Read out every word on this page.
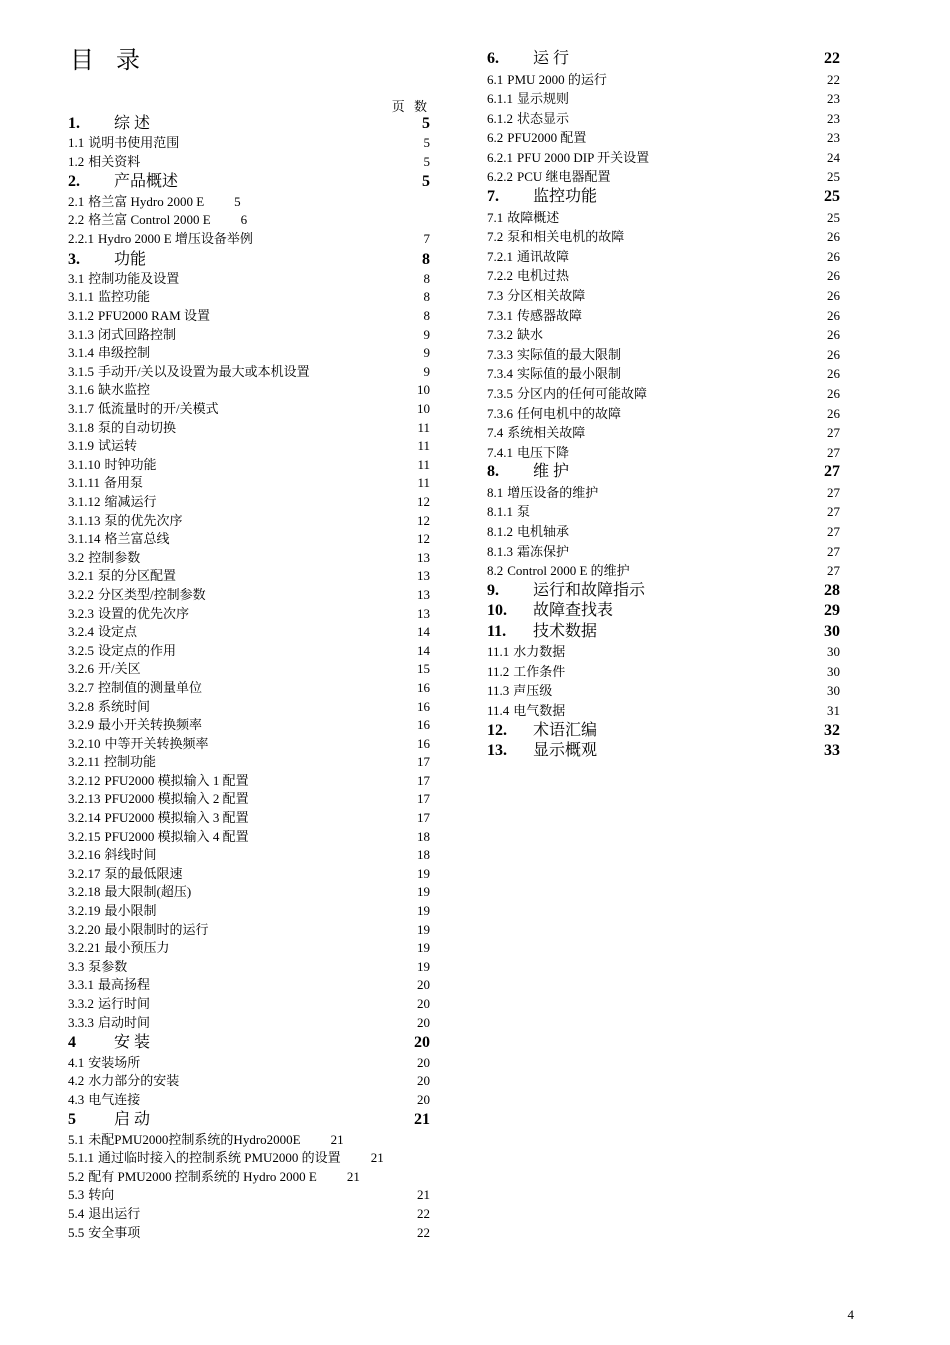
目 录
页 数
1. 综 述	5
1.1 说明书使用范围	5
1.2 相关资料	5
2. 产品概述	5
2.1 格兰富 Hydro 2000 E 5
2.2 格兰富 Control 2000 E 6
2.2.1 Hydro 2000 E 增压设备举例	7
3. 功能	8
3.1 控制功能及设置	8
3.1.1 监控功能	8
3.1.2 PFU2000 RAM 设置	8
3.1.3 闭式回路控制	9
3.1.4 串级控制	9
3.1.5 手动开/关以及设置为最大或本机设置	9
3.1.6 缺水监控	10
3.1.7 低流量时的开/关模式	10
3.1.8 泵的自动切换	11
3.1.9 试运转	11
3.1.10 时钟功能	11
3.1.11 备用泵	11
3.1.12 缩减运行	12
3.1.13 泵的优先次序	12
3.1.14 格兰富总线	12
3.2 控制参数	13
3.2.1 泵的分区配置	13
3.2.2 分区类型/控制参数	13
3.2.3 设置的优先次序	13
3.2.4 设定点	14
3.2.5 设定点的作用	14
3.2.6 开/关区	15
3.2.7 控制值的测量单位	16
3.2.8 系统时间	16
3.2.9 最小开关转换频率	16
3.2.10 中等开关转换频率	16
3.2.11 控制功能	17
3.2.12 PFU2000 模拟输入 1 配置	17
3.2.13 PFU2000 模拟输入 2 配置	17
3.2.14 PFU2000 模拟输入 3 配置	17
3.2.15 PFU2000 模拟输入 4 配置	18
3.2.16 斜线时间	18
3.2.17 泵的最低限速	19
3.2.18 最大限制(超压)	19
3.2.19 最小限制	19
3.2.20 最小限制时的运行	19
3.2.21 最小预压力	19
3.3 泵参数	19
3.3.1 最高扬程	20
3.3.2 运行时间	20
3.3.3 启动时间	20
4 安 装	20
4.1 安装场所	20
4.2 水力部分的安装	20
4.3 电气连接	20
5 启 动	21
5.1 未配PMU2000控制系统的Hydro2000E 21
5.1.1 通过临时接入的控制系统 PMU2000 的设置 21
5.2 配有 PMU2000 控制系统的 Hydro 2000 E 21
5.3 转向	21
5.4 退出运行	22
5.5 安全事项	22
6. 运 行	22
6.1 PMU 2000 的运行	22
6.1.1 显示规则	23
6.1.2 状态显示	23
6.2 PFU2000 配置	23
6.2.1 PFU 2000 DIP 开关设置	24
6.2.2 PCU 继电器配置	25
7. 监控功能	25
7.1 故障概述	25
7.2 泵和相关电机的故障	26
7.2.1 通讯故障	26
7.2.2 电机过热	26
7.3 分区相关故障	26
7.3.1 传感器故障	26
7.3.2 缺水	26
7.3.3 实际值的最大限制	26
7.3.4 实际值的最小限制	26
7.3.5 分区内的任何可能故障	26
7.3.6 任何电机中的故障	26
7.4 系统相关故障	27
7.4.1 电压下降	27
8. 维 护	27
8.1 增压设备的维护	27
8.1.1 泵	27
8.1.2 电机轴承	27
8.1.3 霜冻保护	27
8.2 Control 2000 E 的维护	27
9. 运行和故障指示	28
10. 故障查找表	29
11. 技术数据	30
11.1 水力数据	30
11.2 工作条件	30
11.3 声压级	30
11.4 电气数据	31
12. 术语汇编	32
13. 显示概观	33
4
